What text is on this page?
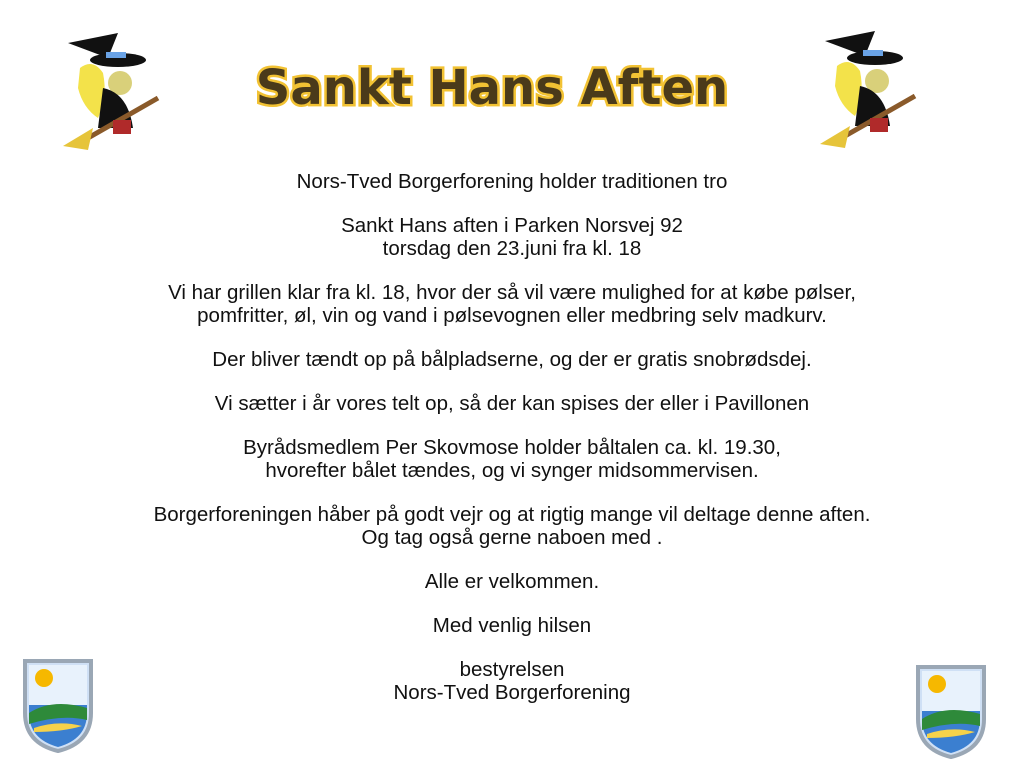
Sankt Hans Aften

Nors-Tved Borgerforening holder traditionen tro

Sankt Hans aften i Parken Norsvej 92

torsdag den 23.juni fra kl. 18

Vi har grillen klar fra kl. 18, hvor der så vil være mulighed for at købe pølser,

pomfritter, øl, vin og vand i pølsevognen eller medbring selv madkurv.

Der bliver tændt op på bålpladserne, og der er gratis snobrødsdej.

Vi sætter i år vores telt op, så der kan spises der eller i Pavillonen

Byrådsmedlem Per Skovmose holder båltalen ca. kl. 19.30,

hvorefter bålet tændes, og vi synger midsommervisen.

Borgerforeningen håber på godt vejr og at rigtig mange vil deltage denne aften.

Og tag også gerne naboen med .

Alle er velkommen.

Med venlig hilsen

bestyrelsen

Nors-Tved Borgerforening
